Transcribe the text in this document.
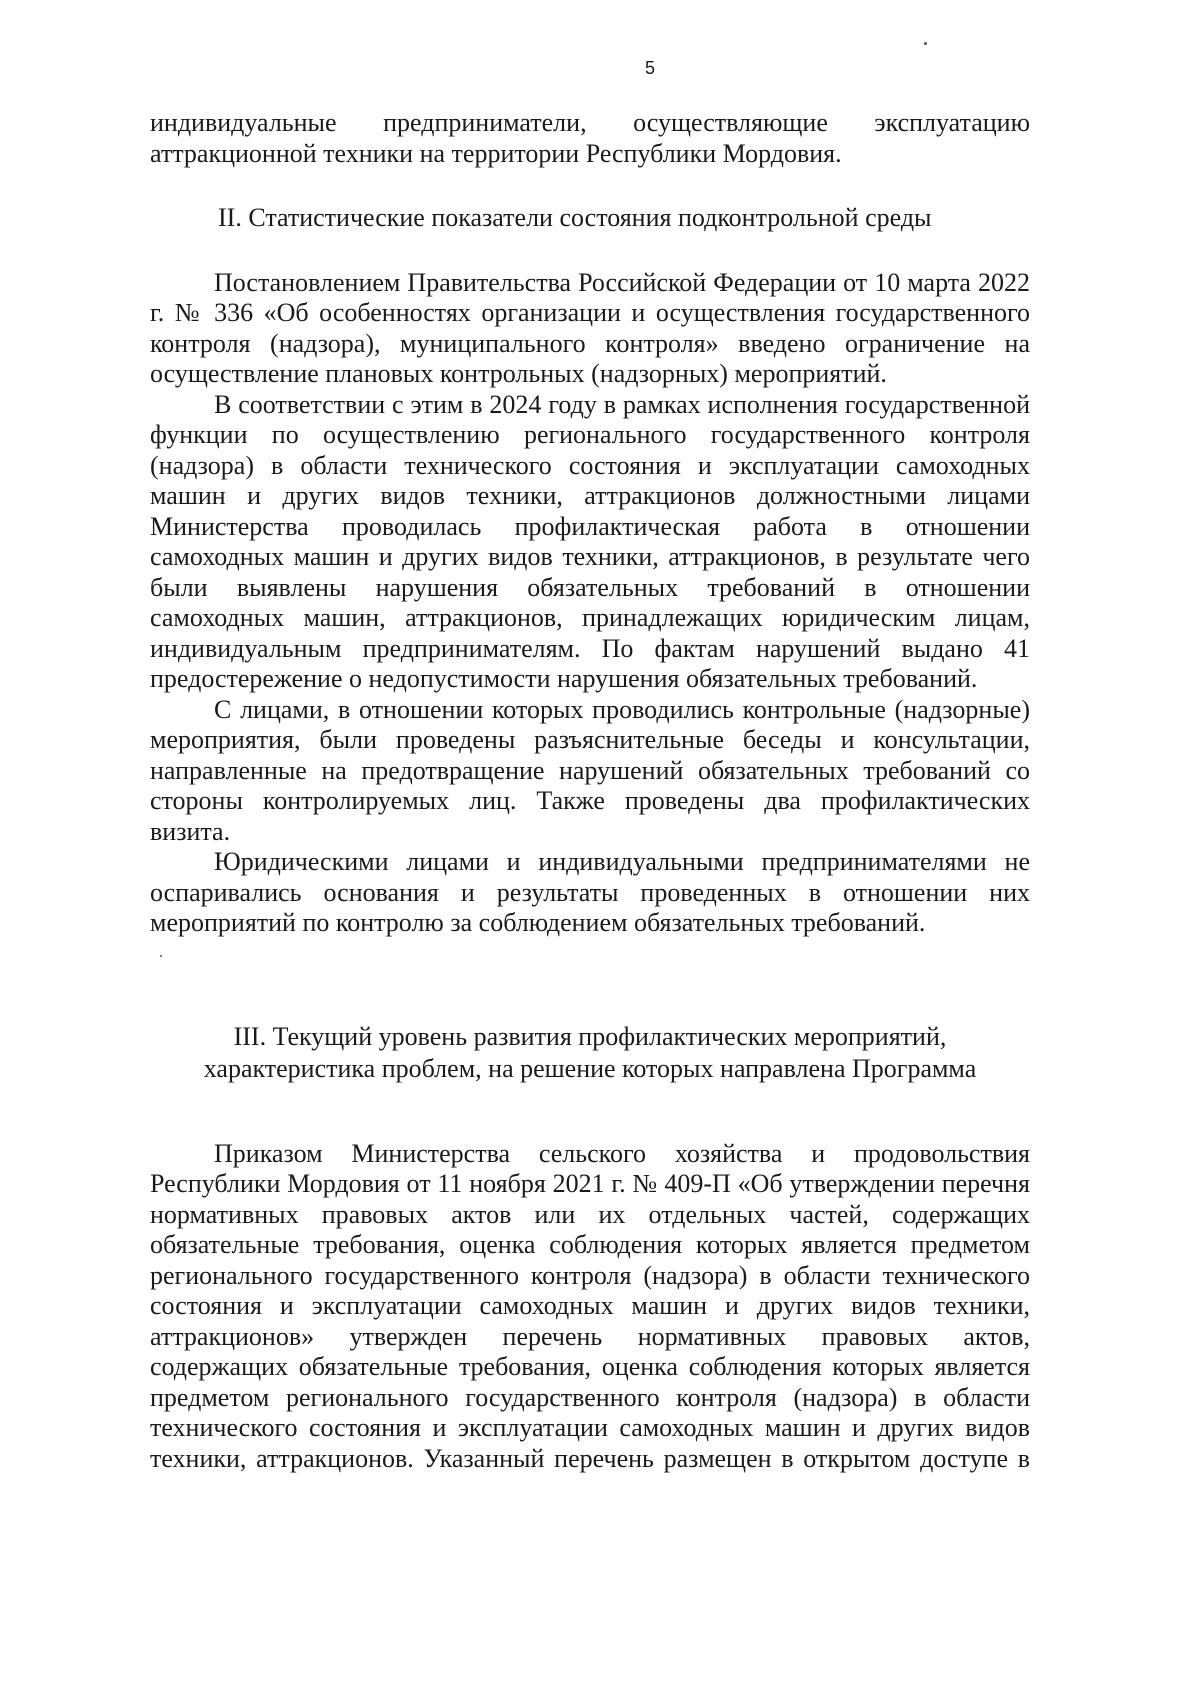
5

индивидуальные предприниматели, осуществляющие эксплуатацию аттракционной техники на территории Республики Мордовия.

II. Статистические показатели состояния подконтрольной среды

Постановлением Правительства Российской Федерации от 10 марта 2022 г. № 336 «Об особенностях организации и осуществления государственного контроля (надзора), муниципального контроля» введено ограничение на осуществление плановых контрольных (надзорных) мероприятий.

В соответствии с этим в 2024 году в рамках исполнения государственной функции по осуществлению регионального государственного контроля (надзора) в области технического состояния и эксплуатации самоходных машин и других видов техники, аттракционов должностными лицами Министерства проводилась профилактическая работа в отношении самоходных машин и других видов техники, аттракционов, в результате чего были выявлены нарушения обязательных требований в отношении самоходных машин, аттракционов, принадлежащих юридическим лицам, индивидуальным предпринимателям. По фактам нарушений выдано 41 предостережение о недопустимости нарушения обязательных требований.

С лицами, в отношении которых проводились контрольные (надзорные) мероприятия, были проведены разъяснительные беседы и консультации, направленные на предотвращение нарушений обязательных требований со стороны контролируемых лиц. Также проведены два профилактических визита.

Юридическими лицами и индивидуальными предпринимателями не оспаривались основания и результаты проведенных в отношении них мероприятий по контролю за соблюдением обязательных требований.

III. Текущий уровень развития профилактических мероприятий,
характеристика проблем, на решение которых направлена Программа

Приказом Министерства сельского хозяйства и продовольствия Республики Мордовия от 11 ноября 2021 г. № 409-П «Об утверждении перечня нормативных правовых актов или их отдельных частей, содержащих обязательные требования, оценка соблюдения которых является предметом регионального государственного контроля (надзора) в области технического состояния и эксплуатации самоходных машин и других видов техники, аттракционов» утвержден перечень нормативных правовых актов, содержащих обязательные требования, оценка соблюдения которых является предметом регионального государственного контроля (надзора) в области технического состояния и эксплуатации самоходных машин и других видов техники, аттракционов. Указанный перечень размещен в открытом доступе в
